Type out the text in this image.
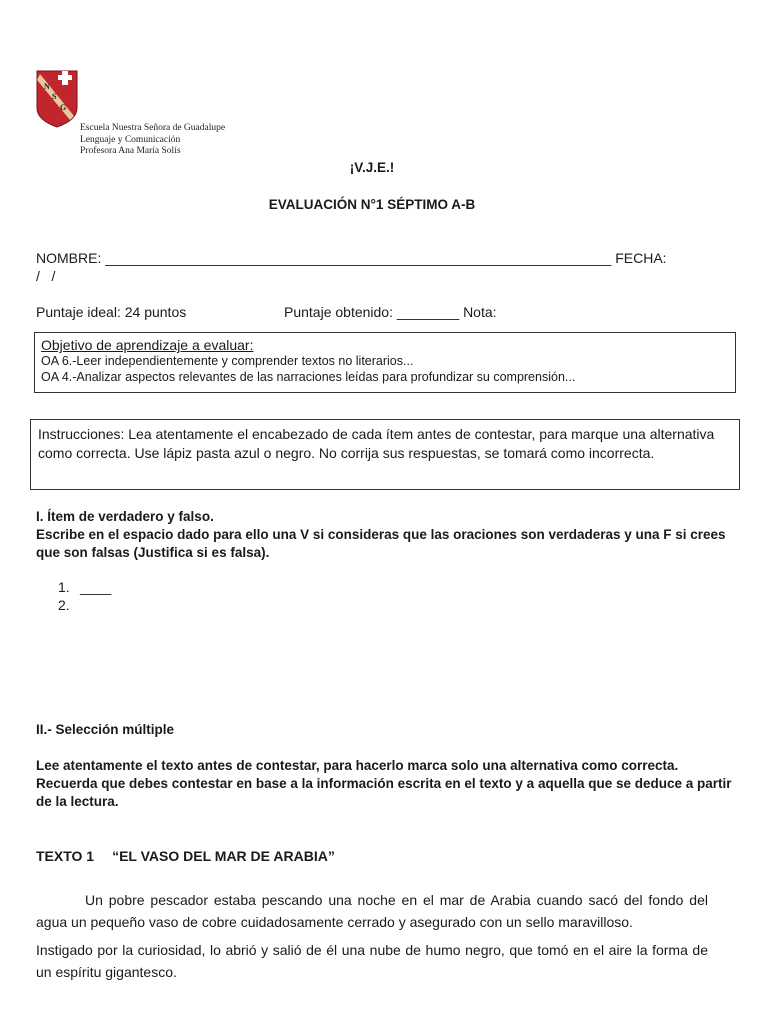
N
S
G
Escuela Nuestra Señora de Guadalupe
Lenguaje y Comunicación
Profesora Ana María Solís
¡V.J.E.!
EVALUACIÓN N°1 SÉPTIMO A-B
NOMBRE: _________________________________________________________________ FECHA:
/   /
Puntaje ideal: 24 puntos	Puntaje obtenido: ________ Nota:
Objetivo de aprendizaje a evaluar:
OA 6.-Leer independientemente y comprender textos no literarios...
OA 4.-Analizar aspectos relevantes de las narraciones leídas para profundizar su comprensión...
Instrucciones: Lea atentamente el encabezado de cada ítem antes de contestar, para marque una alternativa como correcta. Use lápiz pasta azul o negro. No corrija sus respuestas, se tomará como incorrecta.
I. Ítem de verdadero y falso.
Escribe en el espacio dado para ello una V si consideras que las oraciones son verdaderas y una F si crees que son falsas (Justifica si es falsa).
1. ____
2.
II.- Selección múltiple
Lee atentamente el texto antes de contestar, para hacerlo marca solo una alternativa como correcta. Recuerda que debes contestar en base a la información escrita en el texto y a aquella que se deduce a partir de la lectura.
TEXTO 1 “EL VASO DEL MAR DE ARABIA”
Un pobre pescador estaba pescando una noche en el mar de Arabia cuando sacó del fondo del agua un pequeño vaso de cobre cuidadosamente cerrado y asegurado con un sello maravilloso.
Instigado por la curiosidad, lo abrió y salió de él una nube de humo negro, que tomó en el aire la forma de un espíritu gigantesco.
